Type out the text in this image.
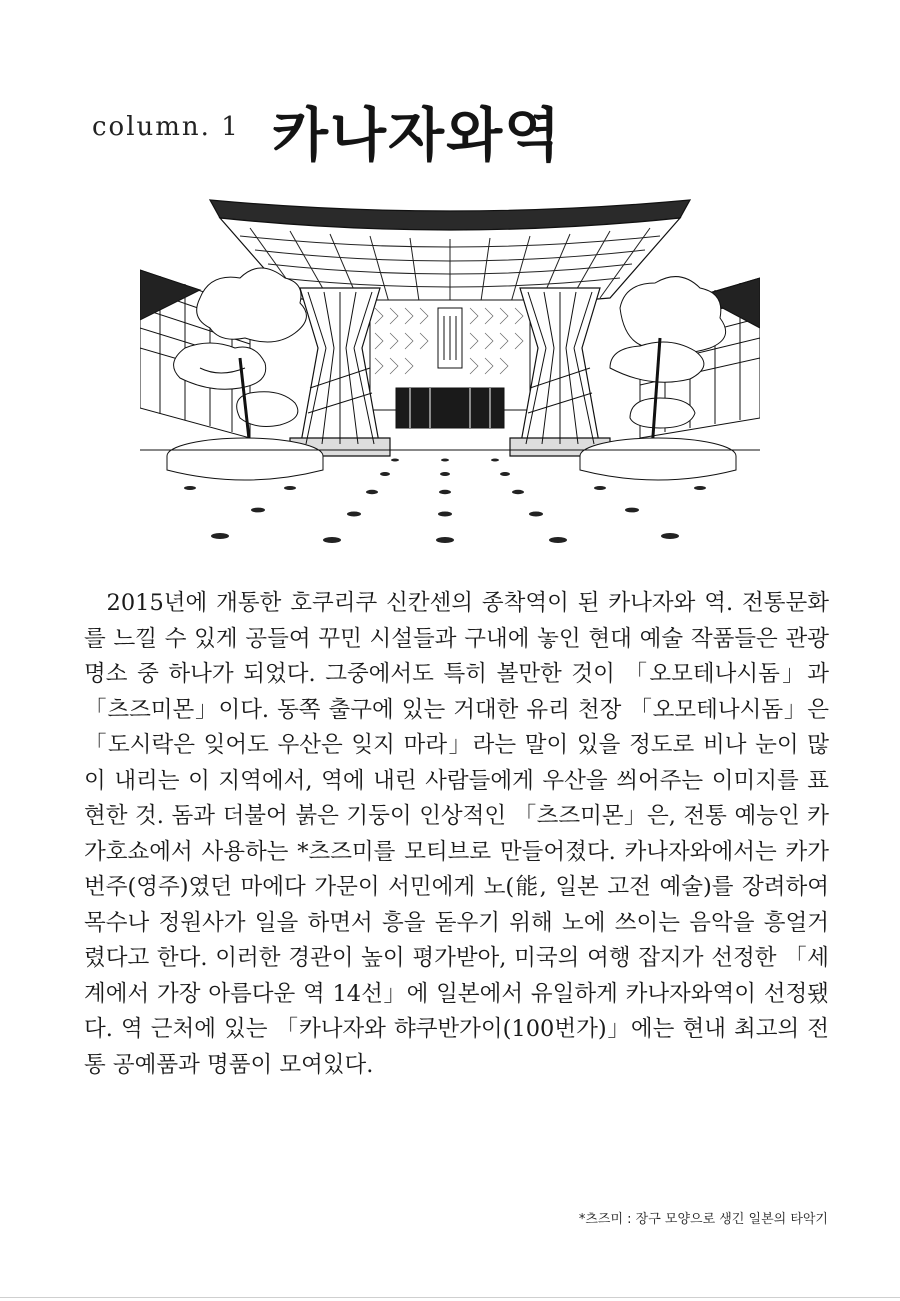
column. 1 카나자와역

2015년에 개통한 호쿠리쿠 신칸센의 종착역이 된 카나자와 역. 전통문화를 느낄 수 있게 공들여 꾸민 시설들과 구내에 놓인 현대 예술 작품들은 관광 명소 중 하나가 되었다. 그중에서도 특히 볼만한 것이 「오모테나시돔」과 「츠즈미몬」이다. 동쪽 출구에 있는 거대한 유리 천장 「오모테나시돔」은 「도시락은 잊어도 우산은 잊지 마라」라는 말이 있을 정도로 비나 눈이 많이 내리는 이 지역에서, 역에 내린 사람들에게 우산을 씌어주는 이미지를 표현한 것. 돔과 더불어 붉은 기둥이 인상적인 「츠즈미몬」은, 전통 예능인 카가호쇼에서 사용하는 *츠즈미를 모티브로 만들어졌다. 카나자와에서는 카가번주(영주)였던 마에다 가문이 서민에게 노(能, 일본 고전 예술)를 장려하여 목수나 정원사가 일을 하면서 흥을 돋우기 위해 노에 쓰이는 음악을 흥얼거렸다고 한다. 이러한 경관이 높이 평가받아, 미국의 여행 잡지가 선정한 「세계에서 가장 아름다운 역 14선」에 일본에서 유일하게 카나자와역이 선정됐다. 역 근처에 있는 「카나자와 햐쿠반가이(100번가)」에는 현내 최고의 전통 공예품과 명품이 모여있다.

*츠즈미 : 장구 모양으로 생긴 일본의 타악기
